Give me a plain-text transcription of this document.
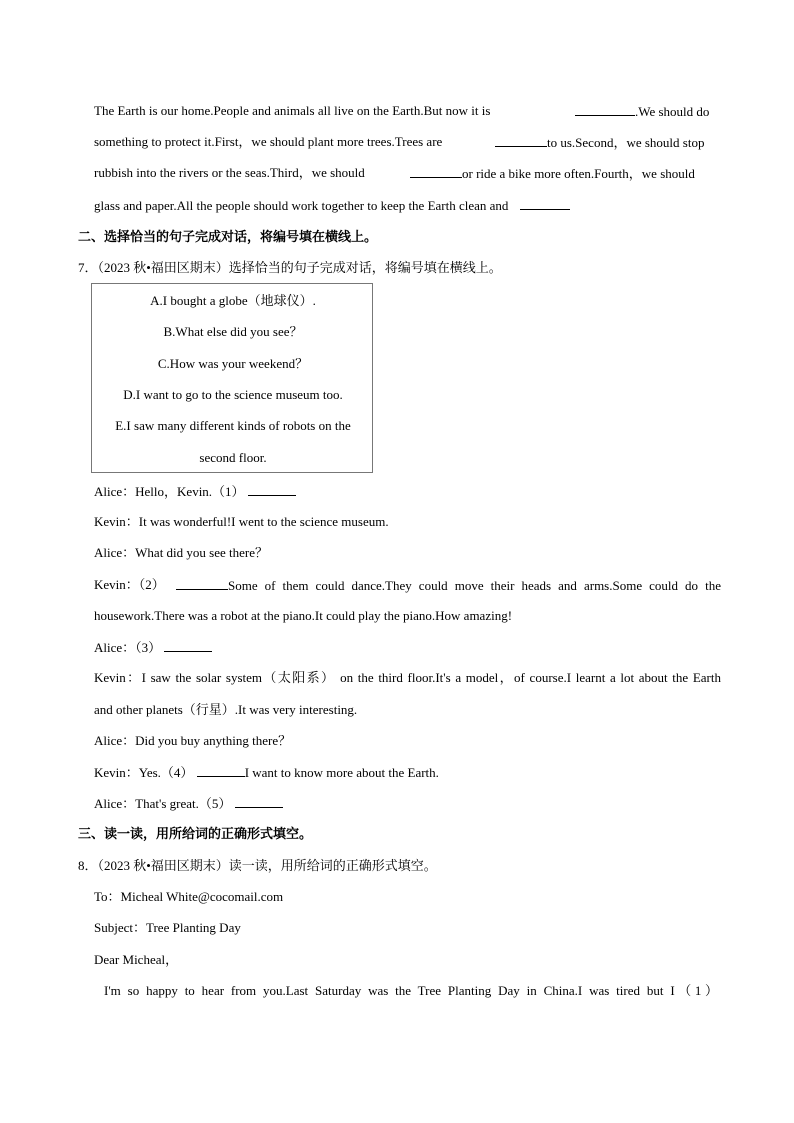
The Earth is our home.People and animals all live on the Earth.But now it is	.We should do
something to protect it.First，we should plant more trees.Trees are	to us.Second，we should stop
rubbish into the rivers or the seas.Third，we should	or ride a bike more often.Fourth，we should
glass and paper.All the people should work together to keep the Earth clean and
二、选择恰当的句子完成对话，将编号填在横线上。
7．（2023 秋•福田区期末）选择恰当的句子完成对话，将编号填在横线上。
A.I bought a globe（地球仪）.
B.What else did you see？
C.How was your weekend？
D.I want to go to the science museum too.
E.I saw many different kinds of robots on the
second floor.
Alice：Hello，Kevin.（1）
Kevin：It was wonderful!I went to the science museum.
Alice：What did you see there？
Kevin：（2）	Some of them could dance.They could move their heads and arms.Some could do the
housework.There was a robot at the piano.It could play the piano.How amazing!
Alice：（3）
Kevin：I saw the solar system（太阳系） on the third floor.It's a model，of course.I learnt a lot about the Earth
and other planets（行星）.It was very interesting.
Alice：Did you buy anything there？
Kevin：Yes.（4）	I want to know more about the Earth.
Alice：That's great.（5）
三、读一读，用所给词的正确形式填空。
8．（2023 秋•福田区期末）读一读，用所给词的正确形式填空。
To：Micheal White@cocomail.com
Subject：Tree Planting Day
Dear Micheal，
I'm so happy to hear from you.Last Saturday was the Tree Planting Day in China.I was tired but I（1）
